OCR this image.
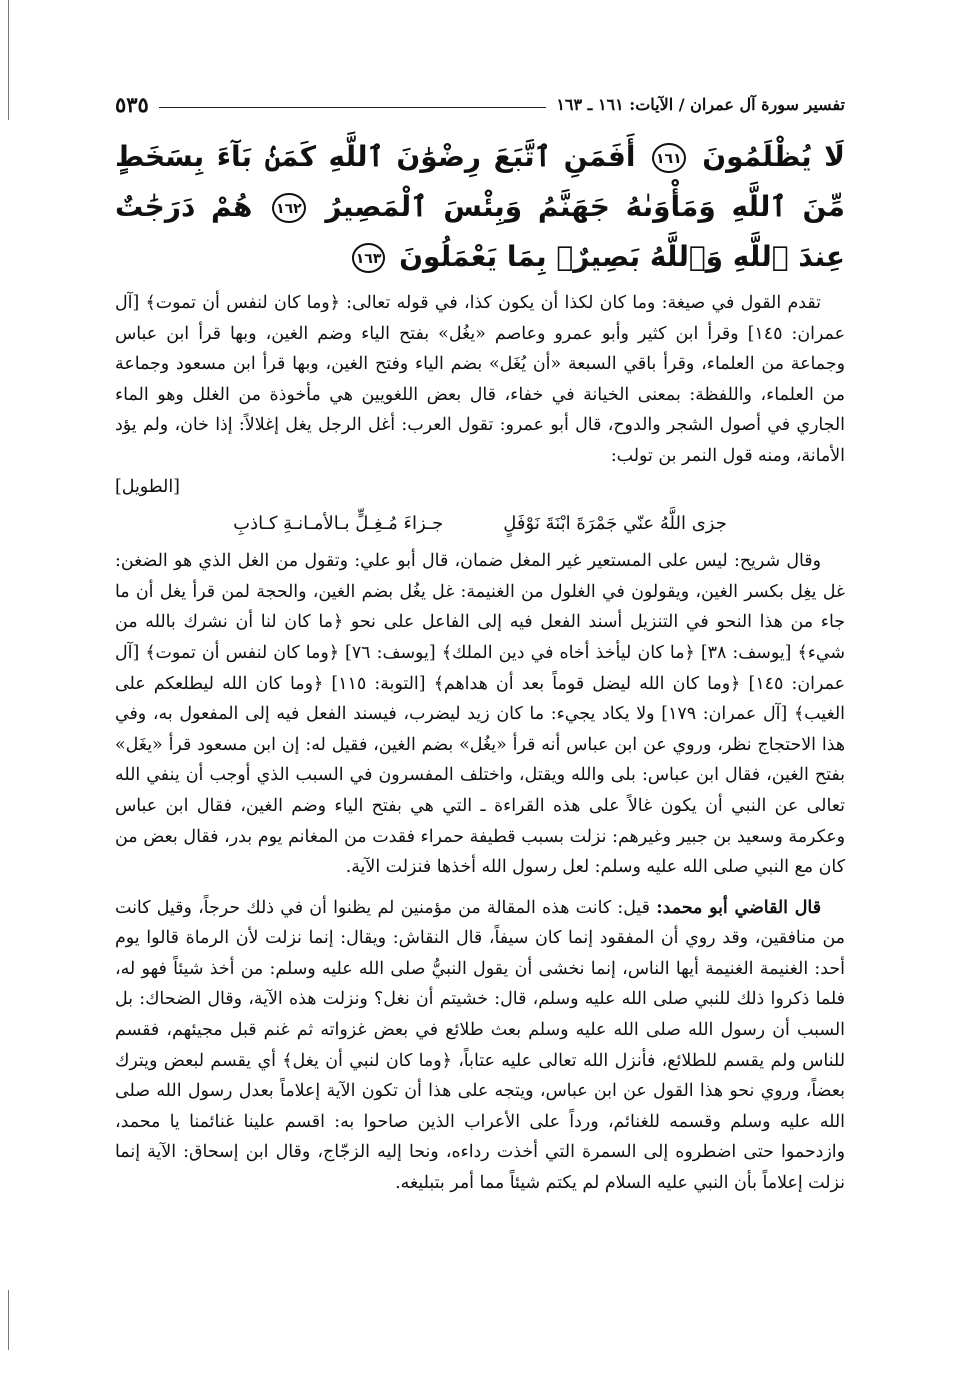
تفسير سورة آل عمران / الآيات: ١٦١ ـ ١٦٣
٥٣٥
لَا يُظْلَمُونَ ١٦١ أَفَمَنِ ٱتَّبَعَ رِضْوَٰنَ ٱللَّهِ كَمَنۢ بَآءَ بِسَخَطٍ مِّنَ ٱللَّهِ وَمَأْوَىٰهُ جَهَنَّمُ وَبِئْسَ ٱلْمَصِيرُ ١٦٢ هُمْ دَرَجَٰتٌ عِندَ ٱللَّهِ وَٱللَّهُ بَصِيرٌۢ بِمَا يَعْمَلُونَ ١٦٣

تقدم القول في صيغة: وما كان لكذا أن يكون كذا، في قوله تعالى: ﴿وما كان لنفس أن تموت﴾ [آل عمران: ١٤٥] وقرأ ابن كثير وأبو عمرو وعاصم «يغُل» بفتح الياء وضم الغين، وبها قرأ ابن عباس وجماعة من العلماء، وقرأ باقي السبعة «أن يُغَل» بضم الياء وفتح الغين، وبها قرأ ابن مسعود وجماعة من العلماء، واللفظة: بمعنى الخيانة في خفاء، قال بعض اللغويين هي مأخوذة من الغلل وهو الماء الجاري في أصول الشجر والدوح، قال أبو عمرو: تقول العرب: أغل الرجل يغل إغلالاً: إذا خان، ولم يؤد الأمانة، ومنه قول النمر بن تولب:

[الطويل]

جزى اللَّهُ عنّي جَمْرَةَ ابْنَةَ نَوْفَلٍ
جـزاءَ مُـغِـلٍّ بـالأمـانـةِ كـاذبِ

وقال شريح: ليس على المستعير غير المغل ضمان، قال أبو علي: وتقول من الغل الذي هو الضغن: غل يغِل بكسر الغين، ويقولون في الغلول من الغنيمة: غل يغُل بضم الغين، والحجة لمن قرأ يغل أن ما جاء من هذا النحو في التنزيل أسند الفعل فيه إلى الفاعل على نحو ﴿ما كان لنا أن نشرك بالله من شيء﴾ [يوسف: ٣٨] ﴿ما كان ليأخذ أخاه في دين الملك﴾ [يوسف: ٧٦] ﴿وما كان لنفس أن تموت﴾ [آل عمران: ١٤٥] ﴿وما كان الله ليضل قوماً بعد أن هداهم﴾ [التوبة: ١١٥] ﴿وما كان الله ليطلعكم على الغيب﴾ [آل عمران: ١٧٩] ولا يكاد يجيء: ما كان زيد ليضرب، فيسند الفعل فيه إلى المفعول به، وفي هذا الاحتجاج نظر، وروي عن ابن عباس أنه قرأ «يغُل» بضم الغين، فقيل له: إن ابن مسعود قرأ «يغَل» بفتح الغين، فقال ابن عباس: بلى والله ويقتل، واختلف المفسرون في السبب الذي أوجب أن ينفي الله تعالى عن النبي أن يكون غالاً على هذه القراءة ـ التي هي بفتح الياء وضم الغين، فقال ابن عباس وعكرمة وسعيد بن جبير وغيرهم: نزلت بسبب قطيفة حمراء فقدت من المغانم يوم بدر، فقال بعض من كان مع النبي صلى الله عليه وسلم: لعل رسول الله أخذها فنزلت الآية.

قال القاضي أبو محمد: قيل: كانت هذه المقالة من مؤمنين لم يظنوا أن في ذلك حرجاً، وقيل كانت من منافقين، وقد روي أن المفقود إنما كان سيفاً، قال النقاش: ويقال: إنما نزلت لأن الرماة قالوا يوم أحد: الغنيمة الغنيمة أيها الناس، إنما نخشى أن يقول النبيُّ صلى الله عليه وسلم: من أخذ شيئاً فهو له، فلما ذكروا ذلك للنبي صلى الله عليه وسلم، قال: خشيتم أن نغل؟ ونزلت هذه الآية، وقال الضحاك: بل السبب أن رسول الله صلى الله عليه وسلم بعث طلائع في بعض غزواته ثم غنم قبل مجيئهم، فقسم للناس ولم يقسم للطلائع، فأنزل الله تعالى عليه عتاباً، ﴿وما كان لنبي أن يغل﴾ أي يقسم لبعض ويترك بعضاً، وروي نحو هذا القول عن ابن عباس، ويتجه على هذا أن تكون الآية إعلاماً بعدل رسول الله صلى الله عليه وسلم وقسمه للغنائم، ورداً على الأعراب الذين صاحوا به: اقسم علينا غنائمنا يا محمد، وازدحموا حتى اضطروه إلى السمرة التي أخذت رداءه، ونحا إليه الزجّاج، وقال ابن إسحاق: الآية إنما نزلت إعلاماً بأن النبي عليه السلام لم يكتم شيئاً مما أمر بتبليغه.
